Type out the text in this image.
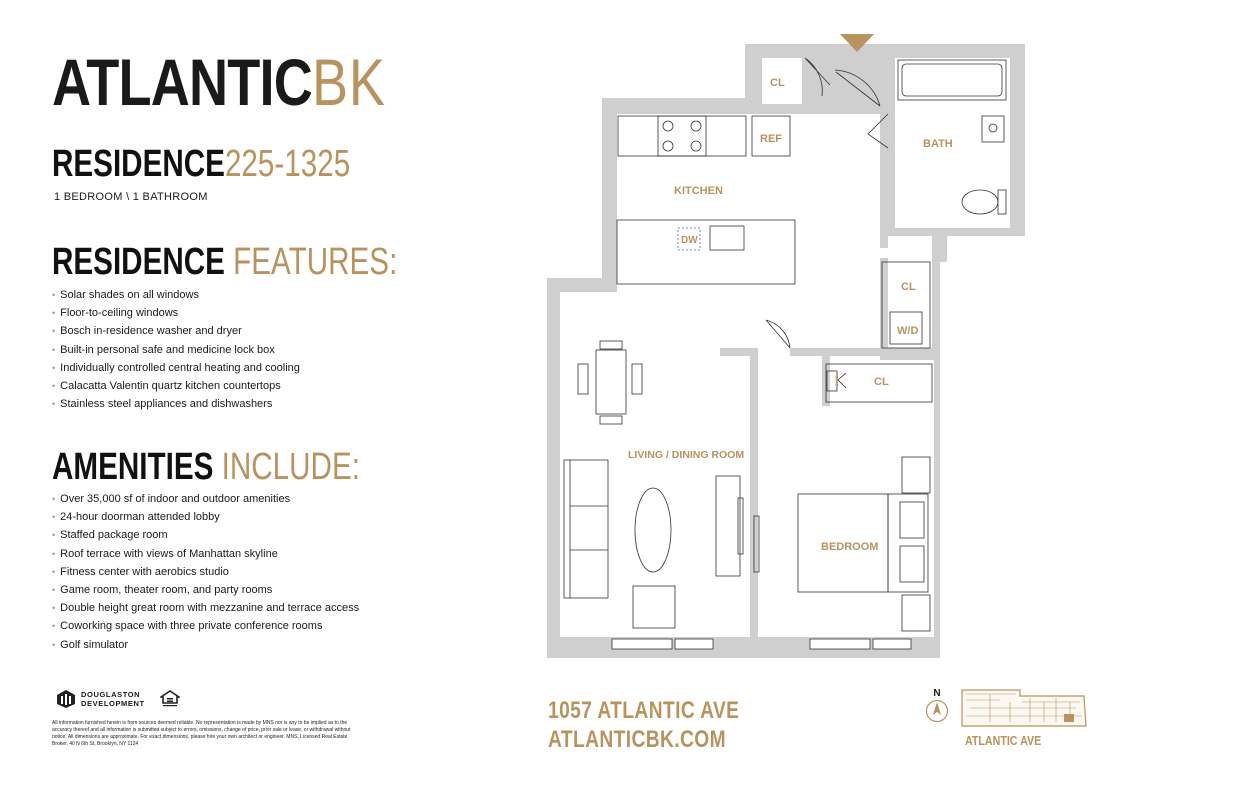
ATLANTICBK
RESIDENCE225-1325
1 BEDROOM \ 1 BATHROOM
RESIDENCE FEATURES:
• Solar shades on all windows
• Floor-to-ceiling windows
• Bosch in-residence washer and dryer
• Built-in personal safe and medicine lock box
• Individually controlled central heating and cooling
• Calacatta Valentin quartz kitchen countertops
• Stainless steel appliances and dishwashers
AMENITIES INCLUDE:
• Over 35,000 sf of indoor and outdoor amenities
• 24-hour doorman attended lobby
• Staffed package room
• Roof terrace with views of Manhattan skyline
• Fitness center with aerobics studio
• Game room, theater room, and party rooms
• Double height great room with mezzanine and terrace access
• Coworking space with three private conference rooms
• Golf simulator
DOUGLASTON
DEVELOPMENT
All information furnished herein is from sources deemed reliable. No representation is made by MNS nor is any to be implied as to the accuracy thereof and all information is submitted subject to errors, omissions, change of price, prior sale or lease, or withdrawal without notice. All dimensions are approximate. For exact dimensions, please hire your own architect or engineer. MNS, Licensed Real Estate Broker. 40 N 6th St, Brooklyn, NY 1124
1057 ATLANTIC AVE
ATLANTICBK.COM
N
ATLANTIC AVE
CL
REF	BATH
KITCHEN
DW
CL
W/D
SAFE	CL
LIVING / DINING ROOM
BEDROOM
